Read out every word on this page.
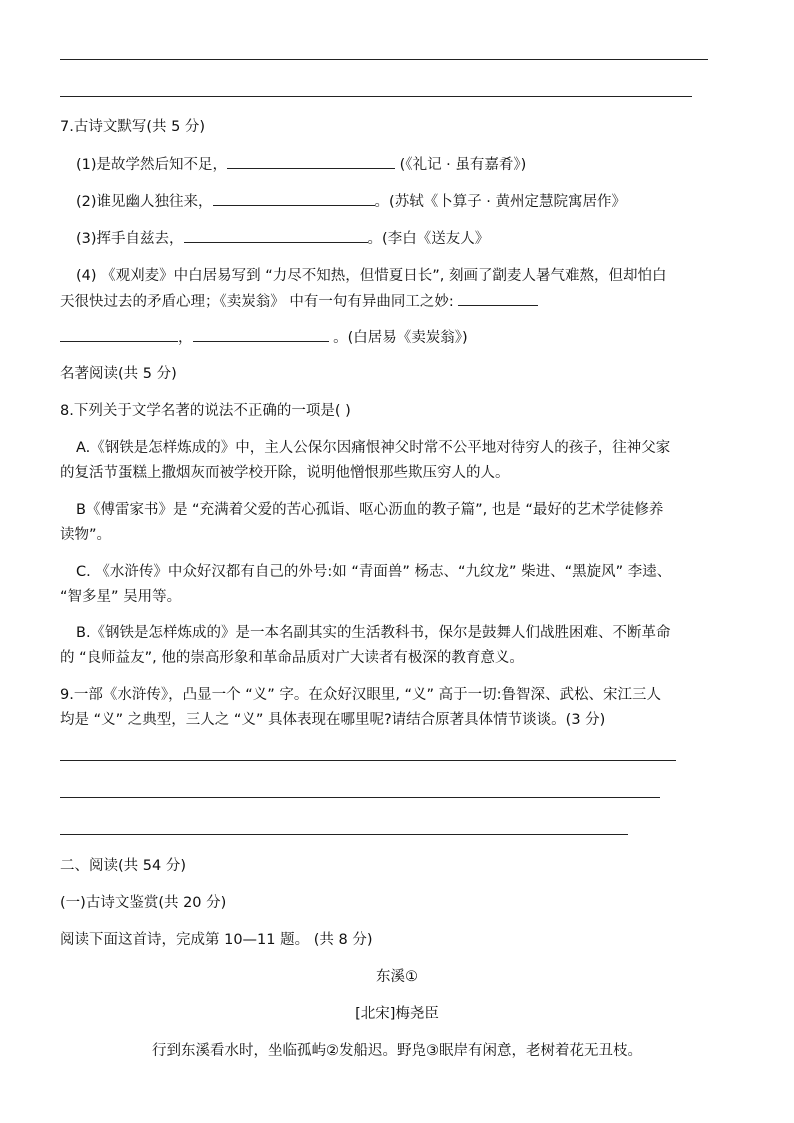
7.古诗文默写(共 5 分)
(1)是故学然后知不足，	(《礼记 · 虽有嘉肴》)
(2)谁见幽人独往来，	。(苏轼《卜算子 · 黄州定慧院寓居作》
(3)挥手自兹去，	。(李白《送友人》
(4) 《观刈麦》中白居易写到 “力尽不知热，但惜夏日长”, 刻画了劏麦人暑气难熬，但却怕白
天很快过去的矛盾心理；《卖炭翁》 中有一句有异曲同工之妙:
，	。(白居易《卖炭翁》)
名著阅读(共 5 分)
8.下列关于文学名著的说法不正确的一项是( )
A.《钢铁是怎样炼成的》中，主人公保尔因痛恨神父时常不公平地对待穷人的孩子，往神父家
的复活节蛋糕上撒烟灰而被学校开除，说明他憎恨那些欺压穷人的人。
B《傅雷家书》是 “充满着父爱的苦心孤诣、呕心沥血的教子篇”, 也是 “最好的艺术学徒修养
读物”。
C. 《水浒传》中众好汉都有自己的外号:如 “青面兽” 杨志、“九纹龙” 柴进、“黑旋风” 李逵、
“智多星” 吴用等。
B.《钢铁是怎样炼成的》是一本名副其实的生活教科书，保尔是鼓舞人们战胜困难、不断革命
的 “良师益友”, 他的崇高形象和革命品质对广大读者有极深的教育意义。
9.一部《水浒传》，凸显一个 “义” 字。在众好汉眼里, “义” 高于一切:鲁智深、武松、宋江三人
均是 “义” 之典型，三人之 “义” 具体表现在哪里呢?请结合原著具体情节谈谈。(3 分)
二、阅读(共 54 分)
(一)古诗文鉴赏(共 20 分)
阅读下面这首诗，完成第 10—11 题。 (共 8 分)
东溪①
[北宋]梅尧臣
行到东溪看水时，坐临孤屿②发船迟。野凫③眠岸有闲意，老树着花无丑枝。
